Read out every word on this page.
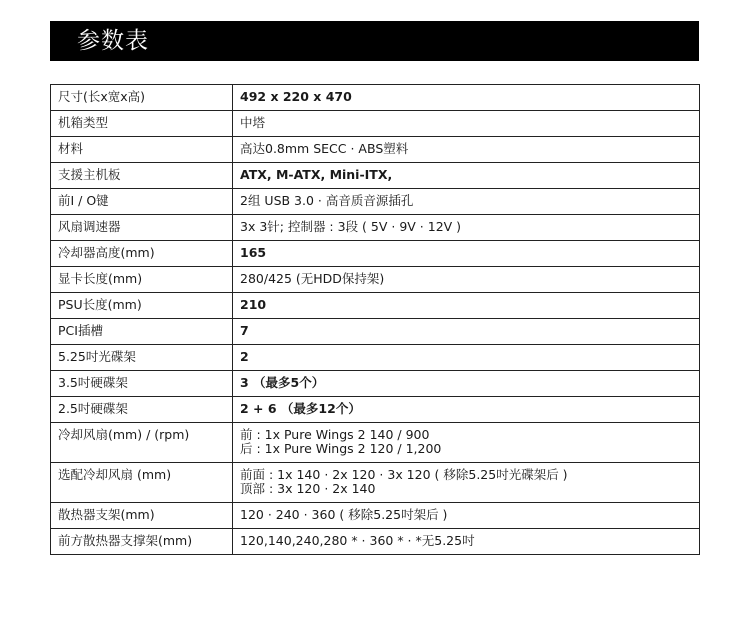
参数表
尺寸(长x宽x高)	492 x 220 x 470
机箱类型	中塔
材料	高达0.8mm SECC · ABS塑料
支援主机板	ATX, M-ATX, Mini-ITX,
前I / O键	2组 USB 3.0 · 高音质音源插孔
风扇调速器	3x 3针; 控制器 : 3段 ( 5V · 9V · 12V )
冷却器高度(mm)	165
显卡长度(mm)	280/425 (无HDD保持架)
PSU长度(mm)	210
PCI插槽	7
5.25吋光碟架	2
3.5吋硬碟架	3 （最多5个）
2.5吋硬碟架	2 + 6 （最多12个）
冷却风扇(mm) / (rpm)	前 : 1x Pure Wings 2 140 / 900
后 : 1x Pure Wings 2 120 / 1,200

选配冷却风扇 (mm)	前面 : 1x 140 · 2x 120 · 3x 120 ( 移除5.25吋光碟架后 )
顶部 : 3x 120 · 2x 140

散热器支架(mm)	120 · 240 · 360 ( 移除5.25吋架后 )
前方散热器支撑架(mm)	120,140,240,280 * · 360 * · *无5.25吋
